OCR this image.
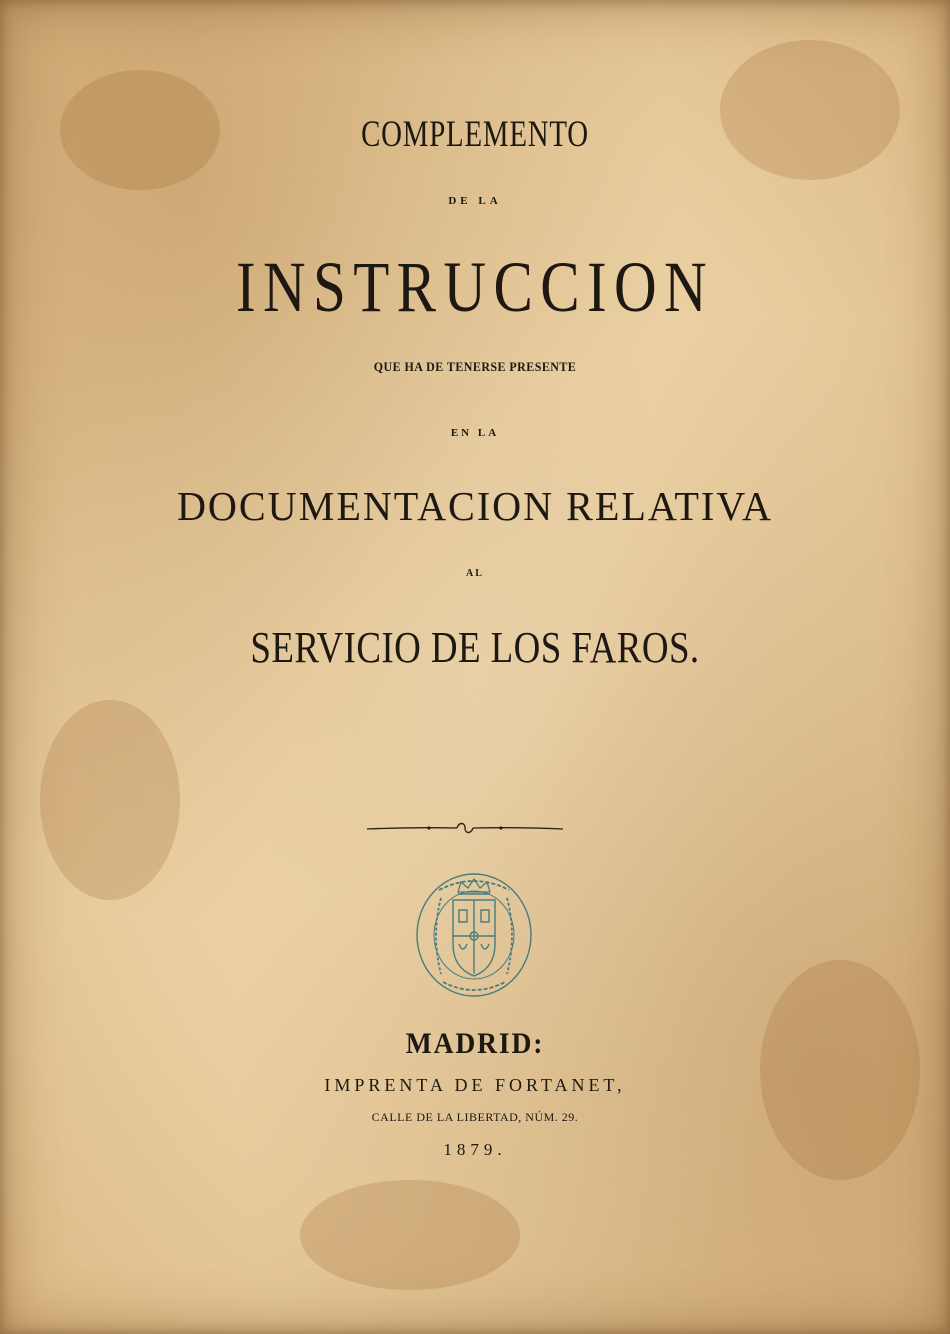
COMPLEMENTO
DE LA
INSTRUCCION
QUE HA DE TENERSE PRESENTE
EN LA
DOCUMENTACION RELATIVA
AL
SERVICIO DE LOS FAROS.
MADRID:
IMPRENTA DE FORTANET,
CALLE DE LA LIBERTAD, NÚM. 29.
1879.
